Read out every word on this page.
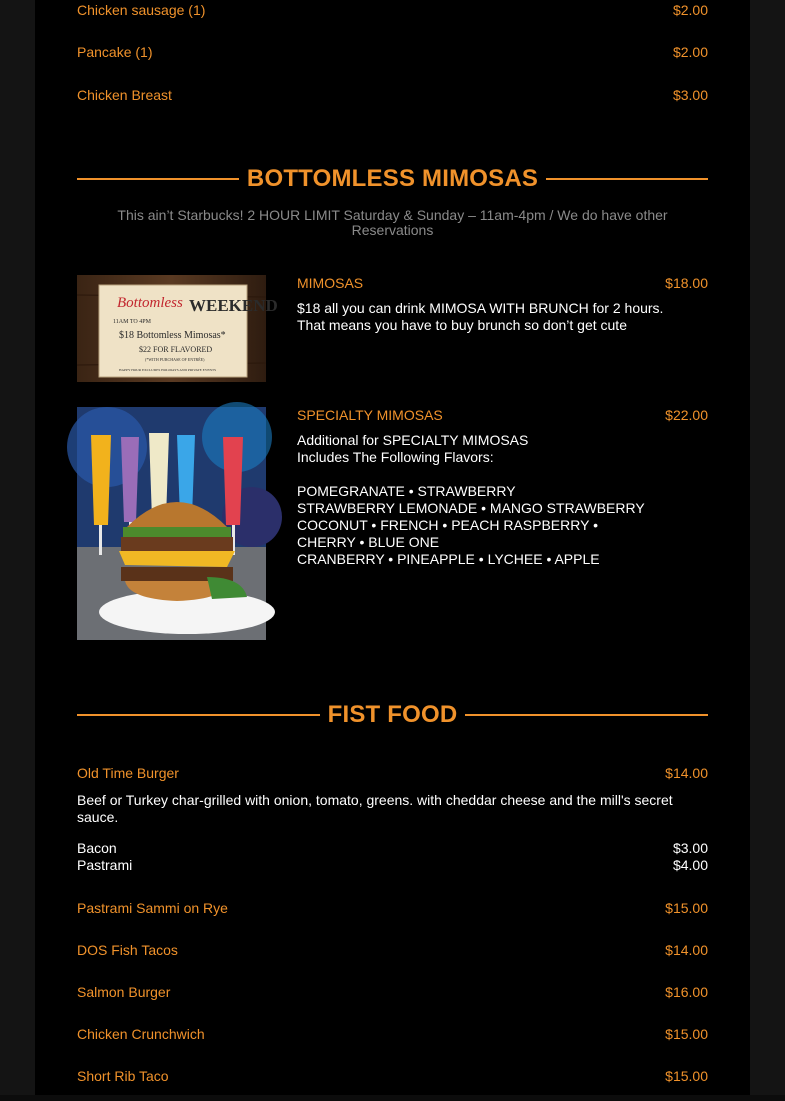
Chicken sausage (1)	$2.00
Pancake (1)	$2.00
Chicken Breast	$3.00
BOTTOMLESS MIMOSAS
This ain’t Starbucks! 2 HOUR LIMIT Saturday & Sunday – 11am-4pm / We do have other Reservations
Bottomless WEEKEND
11AM TO 4PM
$18 Bottomless Mimosas*
$22 FOR FLAVORED
(*WITH PURCHASE OF ENTRÉE)
HAPPY HOUR EXCLUDES HOLIDAYS AND PRIVATE EVENTS
MIMOSAS	$18.00
$18 all you can drink MIMOSA WITH BRUNCH for 2 hours.
That means you have to buy brunch so don’t get cute
SPECIALTY MIMOSAS	$22.00
Additional for SPECIALTY MIMOSAS
Includes The Following Flavors:
POMEGRANATE • STRAWBERRY
STRAWBERRY LEMONADE • MANGO STRAWBERRY
COCONUT • FRENCH • PEACH RASPBERRY •
CHERRY • BLUE ONE
CRANBERRY • PINEAPPLE • LYCHEE • APPLE
FIST FOOD
Old Time Burger	$14.00
Beef or Turkey char-grilled with onion, tomato, greens. with cheddar cheese and the mill's secret sauce.
Bacon	$3.00
Pastrami	$4.00
Pastrami Sammi on Rye	$15.00
DOS Fish Tacos	$14.00
Salmon Burger	$16.00
Chicken Crunchwich	$15.00
Short Rib Taco	$15.00
